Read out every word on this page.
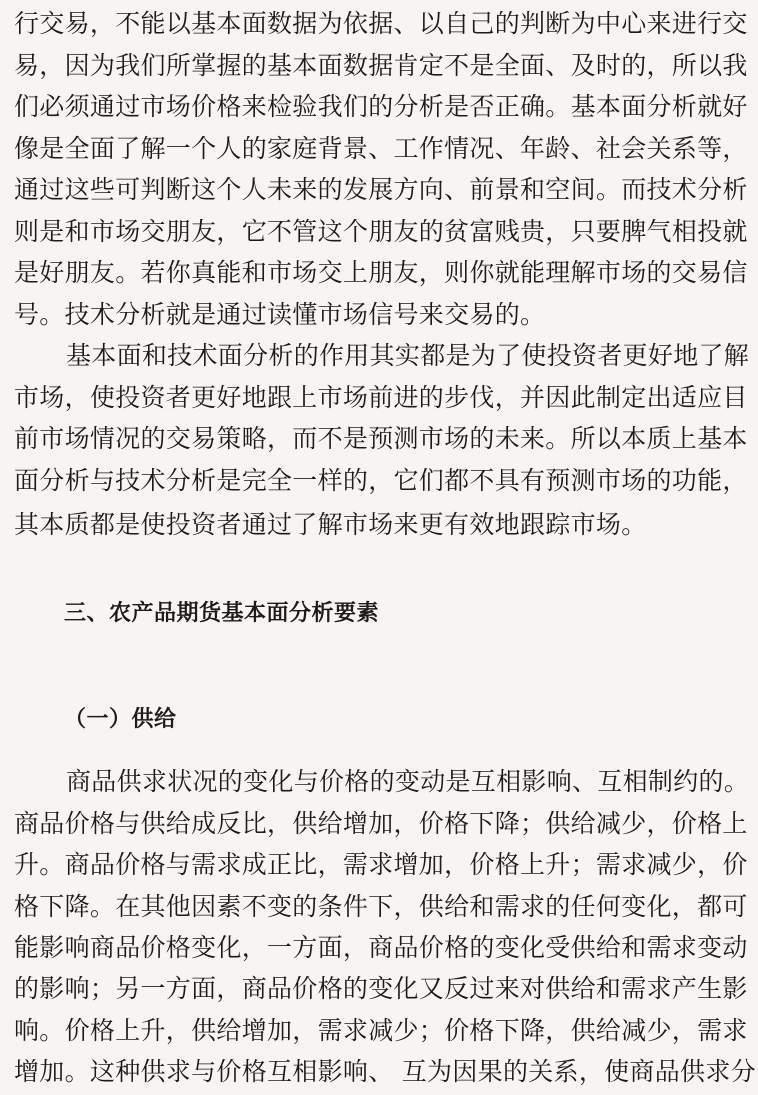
行交易，不能以基本面数据为依据、以自己的判断为中心来进行交
易，因为我们所掌握的基本面数据肯定不是全面、及时的，所以我
们必须通过市场价格来检验我们的分析是否正确。基本面分析就好
像是全面了解一个人的家庭背景、工作情况、年龄、社会关系等，
通过这些可判断这个人未来的发展方向、前景和空间。而技术分析
则是和市场交朋友，它不管这个朋友的贫富贱贵，只要脾气相投就
是好朋友。若你真能和市场交上朋友，则你就能理解市场的交易信
号。技术分析就是通过读懂市场信号来交易的。
基本面和技术面分析的作用其实都是为了使投资者更好地了解
市场，使投资者更好地跟上市场前进的步伐，并因此制定出适应目
前市场情况的交易策略，而不是预测市场的未来。所以本质上基本
面分析与技术分析是完全一样的，它们都不具有预测市场的功能，
其本质都是使投资者通过了解市场来更有效地跟踪市场。
三、农产品期货基本面分析要素
（一）供给
商品供求状况的变化与价格的变动是互相影响、互相制约的。
商品价格与供给成反比，供给增加，价格下降；供给减少，价格上
升。商品价格与需求成正比，需求增加，价格上升；需求减少，价
格下降。在其他因素不变的条件下，供给和需求的任何变化，都可
能影响商品价格变化，一方面，商品价格的变化受供给和需求变动
的影响；另一方面，商品价格的变化又反过来对供给和需求产生影
响。价格上升，供给增加，需求减少；价格下降，供给减少，需求
增加。这种供求与价格互相影响、 互为因果的关系，使商品供求分
